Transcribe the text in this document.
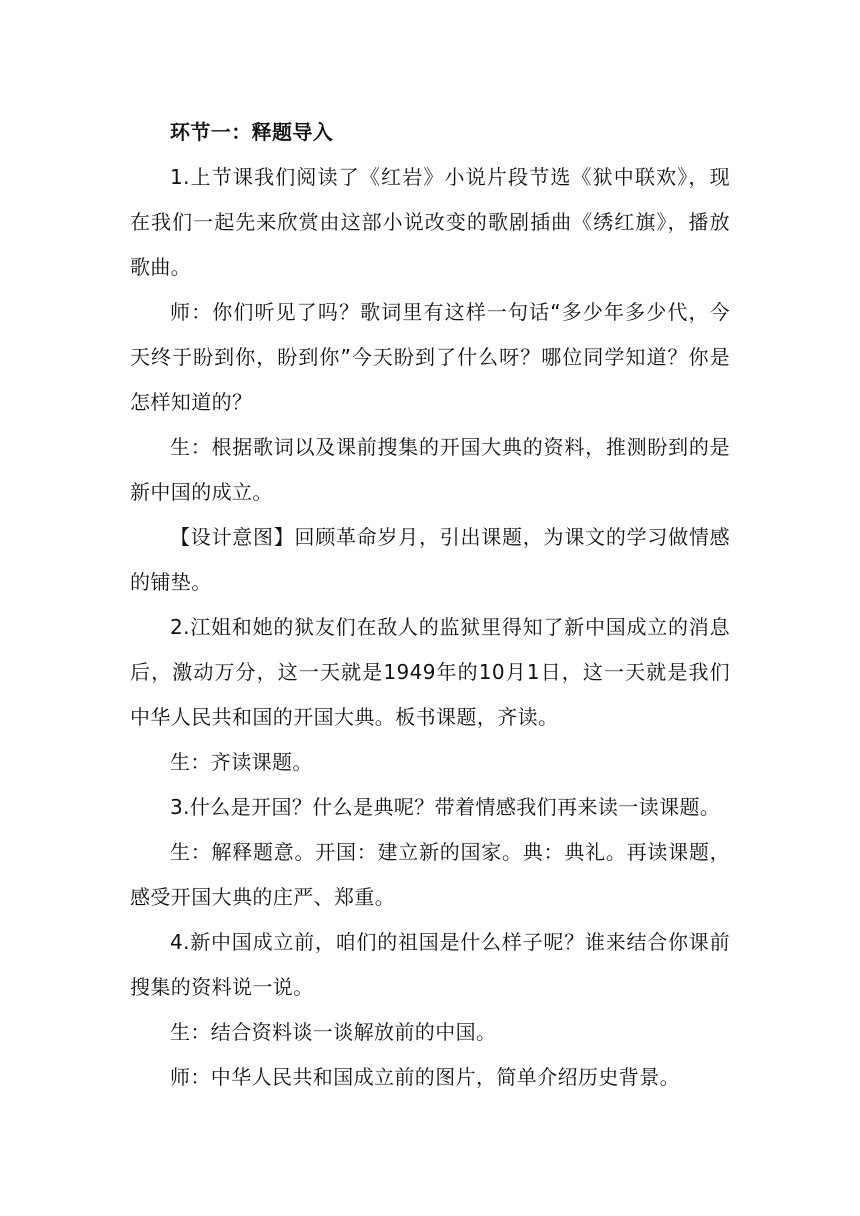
环节一：释题导入

1.上节课我们阅读了《红岩》小说片段节选《狱中联欢》，现在我们一起先来欣赏由这部小说改变的歌剧插曲《绣红旗》，播放歌曲。

师：你们听见了吗？歌词里有这样一句话“多少年多少代，今天终于盼到你，盼到你”今天盼到了什么呀？哪位同学知道？你是怎样知道的？

生：根据歌词以及课前搜集的开国大典的资料，推测盼到的是新中国的成立。

【设计意图】回顾革命岁月，引出课题，为课文的学习做情感的铺垫。

2.江姐和她的狱友们在敌人的监狱里得知了新中国成立的消息后，激动万分，这一天就是1949年的10月1日，这一天就是我们中华人民共和国的开国大典。板书课题，齐读。

生：齐读课题。

3.什么是开国？什么是典呢？带着情感我们再来读一读课题。

生：解释题意。开国：建立新的国家。典：典礼。再读课题，感受开国大典的庄严、郑重。

4.新中国成立前，咱们的祖国是什么样子呢？谁来结合你课前搜集的资料说一说。

生：结合资料谈一谈解放前的中国。

师：中华人民共和国成立前的图片，简单介绍历史背景。
